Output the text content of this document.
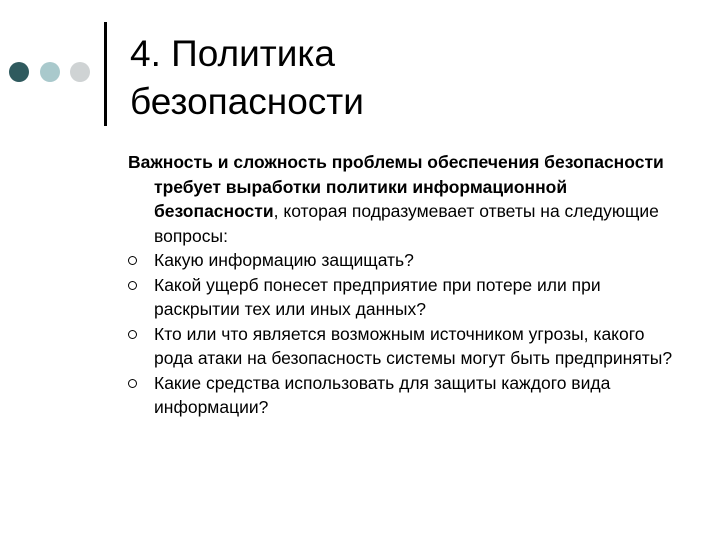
4. Политика
безопасности

Важность и сложность проблемы обеспечения безопасности требует выработки политики информационной безопасности, которая подразумевает ответы на следующие вопросы:

Какую информацию защищать?
Какой ущерб понесет предприятие при потере или при раскрытии тех или иных данных?
Кто или что является возможным источником угрозы, какого рода атаки на безопасность системы могут быть предприняты?
Какие средства использовать для защиты каждого вида информации?
